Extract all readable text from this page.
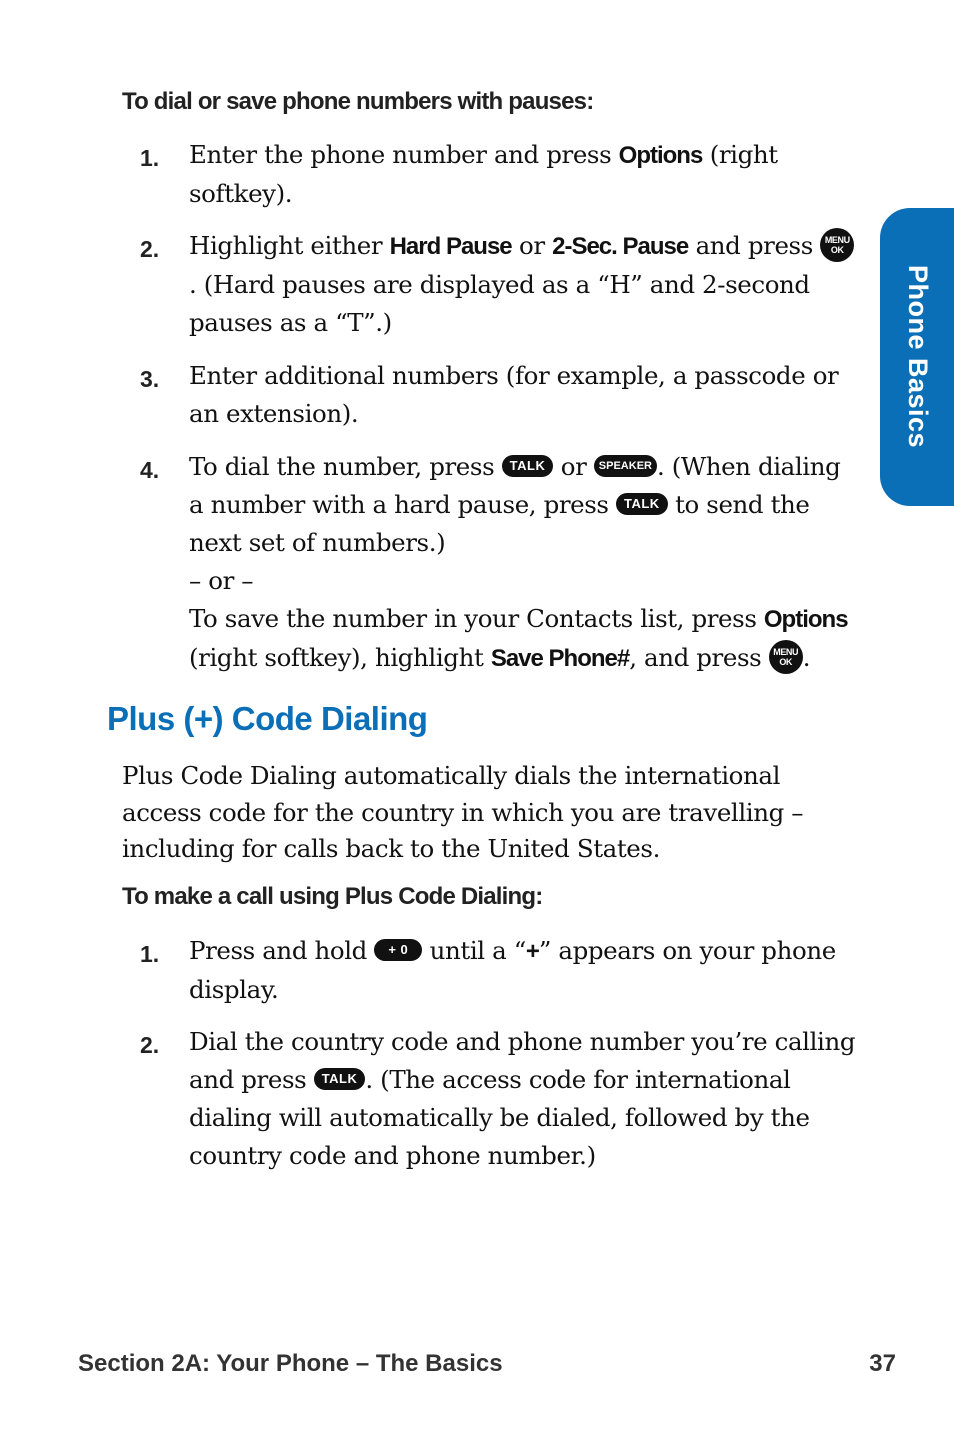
Phone Basics
To dial or save phone numbers with pauses:
1. Enter the phone number and press Options (right softkey).
2. Highlight either Hard Pause or 2-Sec. Pause and press MENU
OK. (Hard pauses are displayed as a “H” and 2-second pauses as a “T”.)
3. Enter additional numbers (for example, a passcode or an extension).
4. To dial the number, press TALK or SPEAKER . (When dialing a number with a hard pause, press TALK to send the next set of numbers.)
– or –
To save the number in your Contacts list, press Options (right softkey), highlight Save Phone#, and press MENU
OK .
Plus (+) Code Dialing
Plus Code Dialing automatically dials the international access code for the country in which you are travelling – including for calls back to the United States.
To make a call using Plus Code Dialing:
1. Press and hold + 0 until a “+” appears on your phone display.
2. Dial the country code and phone number you’re calling and press TALK . (The access code for international dialing will automatically be dialed, followed by the country code and phone number.)
Section 2A: Your Phone – The Basics	37
